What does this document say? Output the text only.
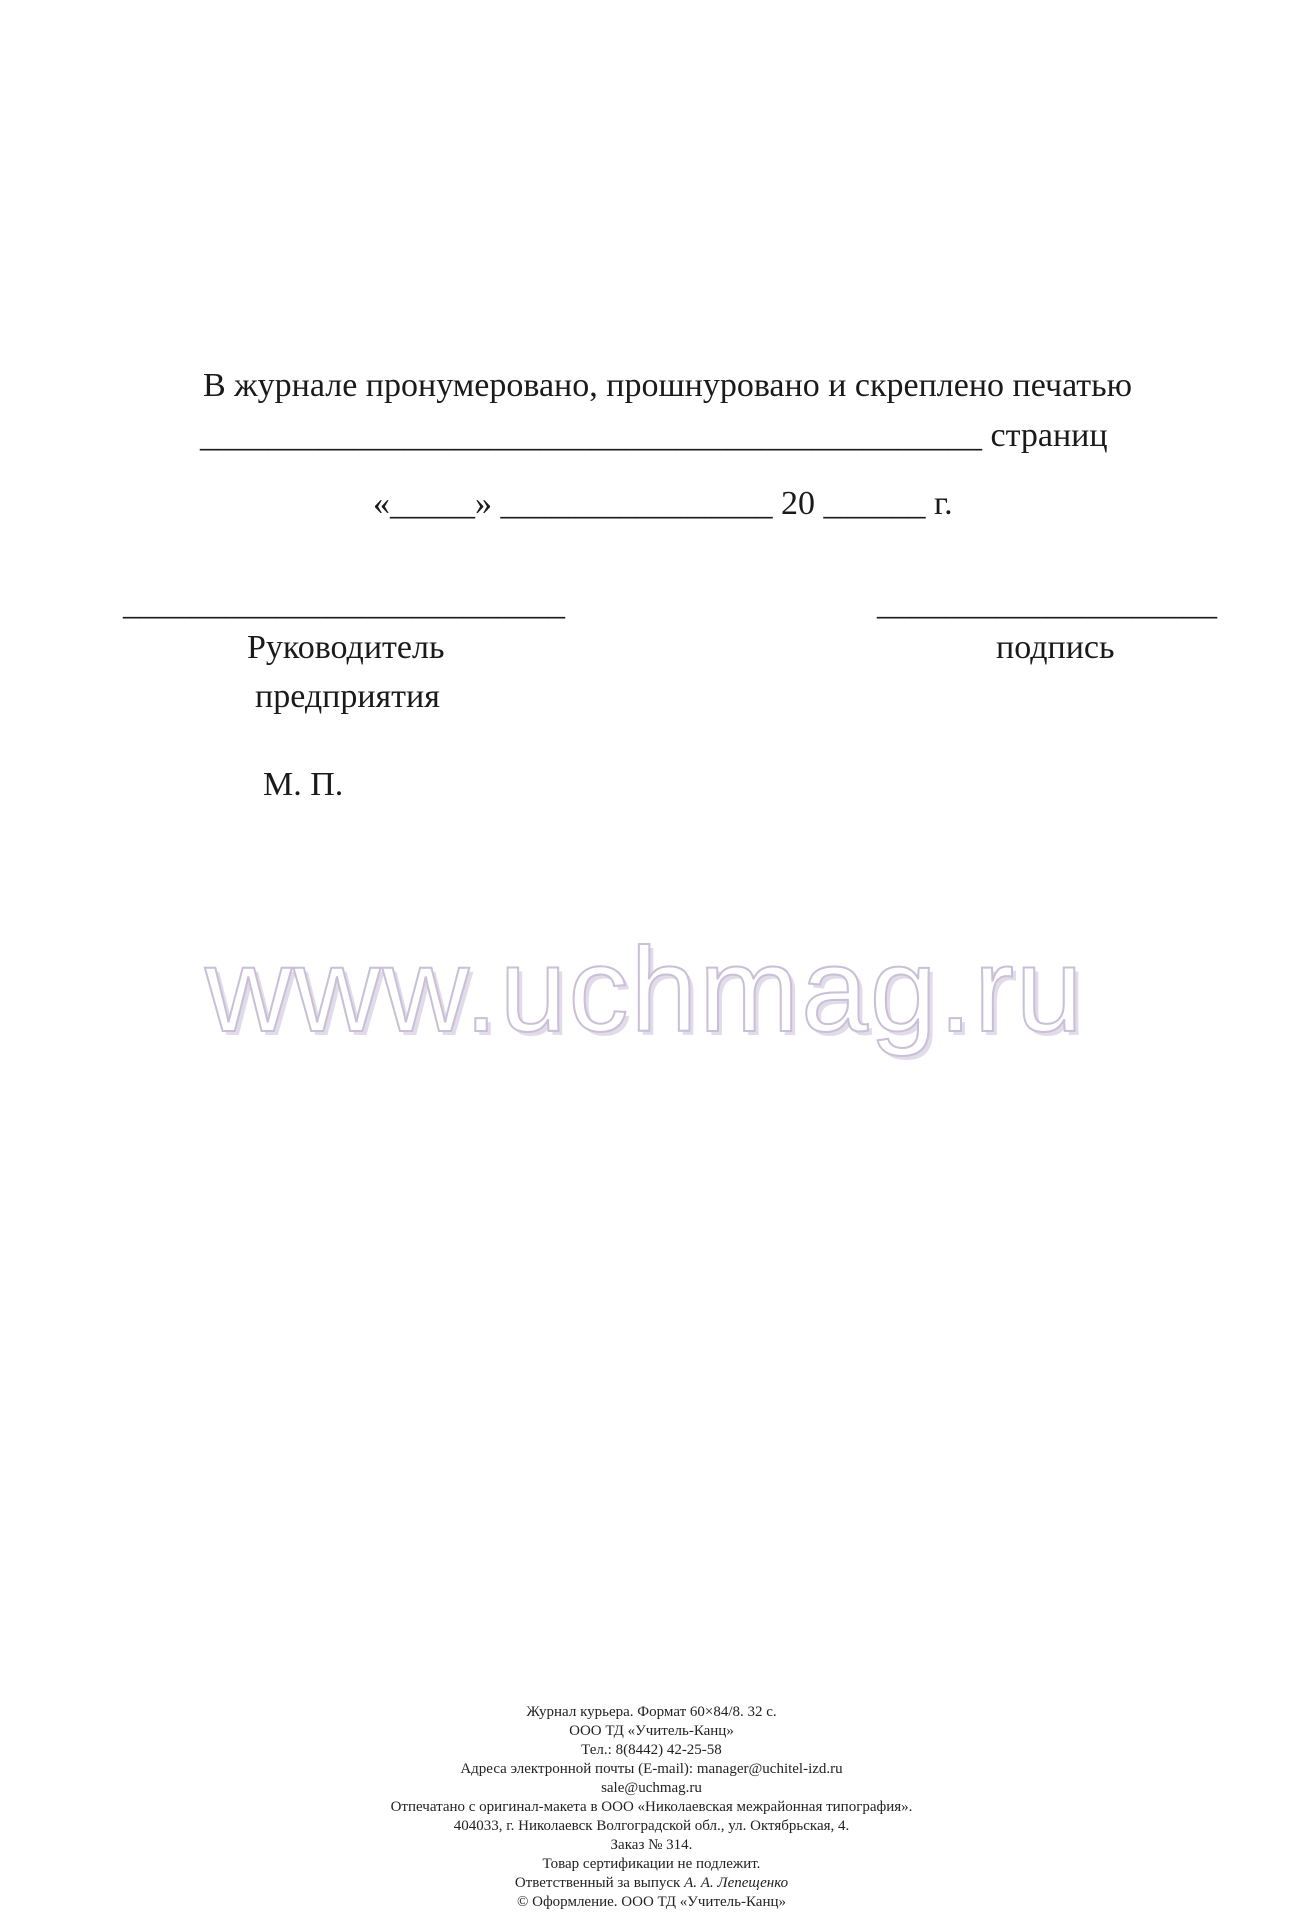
В журнале пронумеровано, прошнуровано и скреплено печатью
______________________________________________ страниц
«_____» ________________ 20 ______ г.
__________________________	____________________
Руководитель
предприятия
подпись
М. П.
www.uchmag.ru
Журнал курьера. Формат 60×84/8. 32 с.
ООО ТД «Учитель-Канц»
Тел.: 8(8442) 42-25-58
Адреса электронной почты (E-mail): manager@uchitel-izd.ru
sale@uchmag.ru
Отпечатано с оригинал-макета в ООО «Николаевская межрайонная типография».
404033, г. Николаевск Волгоградской обл., ул. Октябрьская, 4.
Заказ № 314.
Товар сертификации не подлежит.
Ответственный за выпуск А. А. Лепещенко
© Оформление. ООО ТД «Учитель-Канц»
